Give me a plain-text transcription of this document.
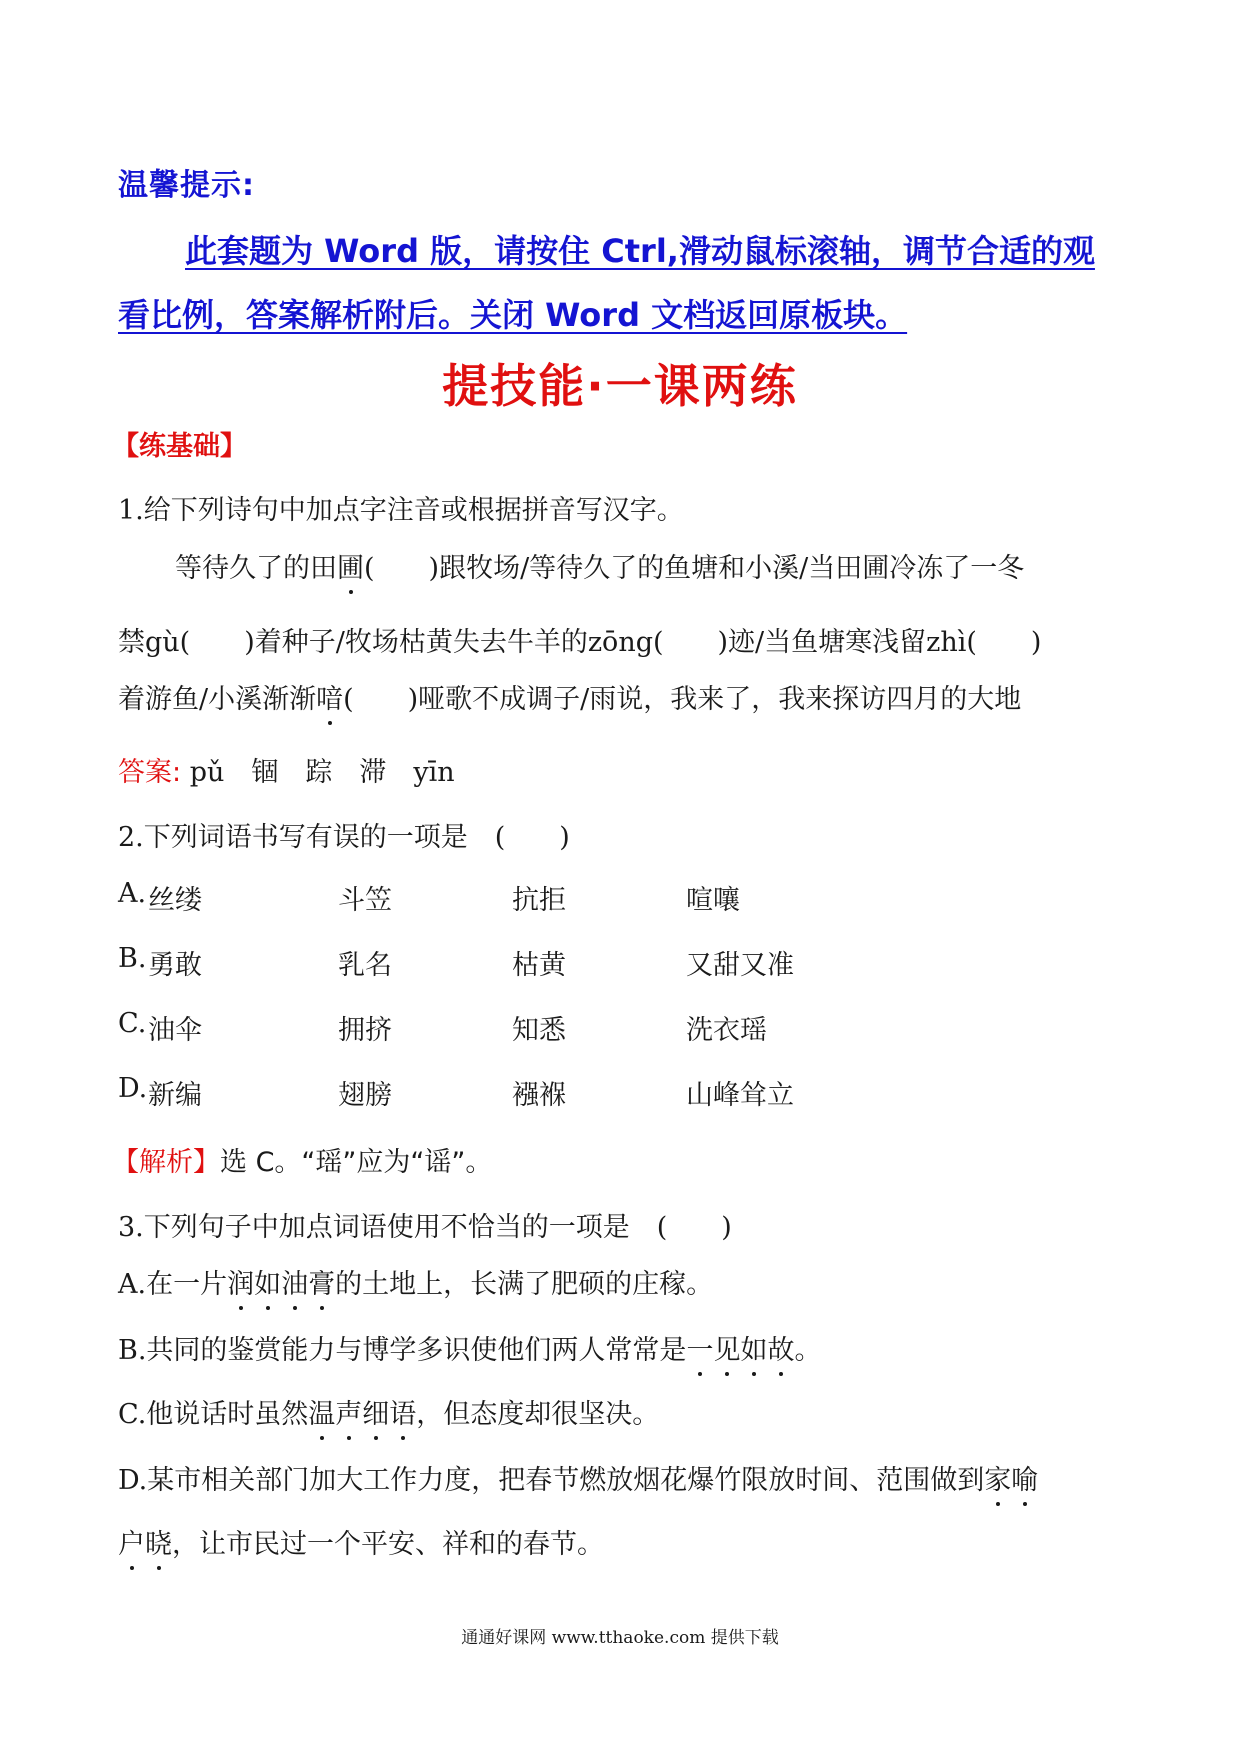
温馨提示:
此套题为 Word 版，请按住 Ctrl,滑动鼠标滚轴，调节合适的观
看比例，答案解析附后。关闭 Word 文档返回原板块。
提技能·一课两练
【练基础】
1.给下列诗句中加点字注音或根据拼音写汉字。
等待久了的田圃(　　)跟牧场/等待久了的鱼塘和小溪/当田圃冷冻了一冬
禁gù(　　)着种子/牧场枯黄失去牛羊的zōng(　　)迹/当鱼塘寒浅留zhì(　　)
着游鱼/小溪渐渐喑(　　)哑歌不成调子/雨说，我来了，我来探访四月的大地
答案: pǔ　锢　踪　滞　yīn
2.下列词语书写有误的一项是　(　　)
A. 丝缕	斗笠	抗拒	喧嚷
B. 勇敢	乳名	枯黄	又甜又准
C. 油伞	拥挤	知悉	洗衣瑶
D. 新编	翅膀	襁褓	山峰耸立
【解析】选 C。“瑶”应为“谣”。
3.下列句子中加点词语使用不恰当的一项是　(　　)
A.在一片润如油膏的土地上，长满了肥硕的庄稼。
B.共同的鉴赏能力与博学多识使他们两人常常是一见如故。
C.他说话时虽然温声细语，但态度却很坚决。
D.某市相关部门加大工作力度，把春节燃放烟花爆竹限放时间、范围做到家喻
户晓，让市民过一个平安、祥和的春节。
通通好课网 www.tthaoke.com 提供下载
